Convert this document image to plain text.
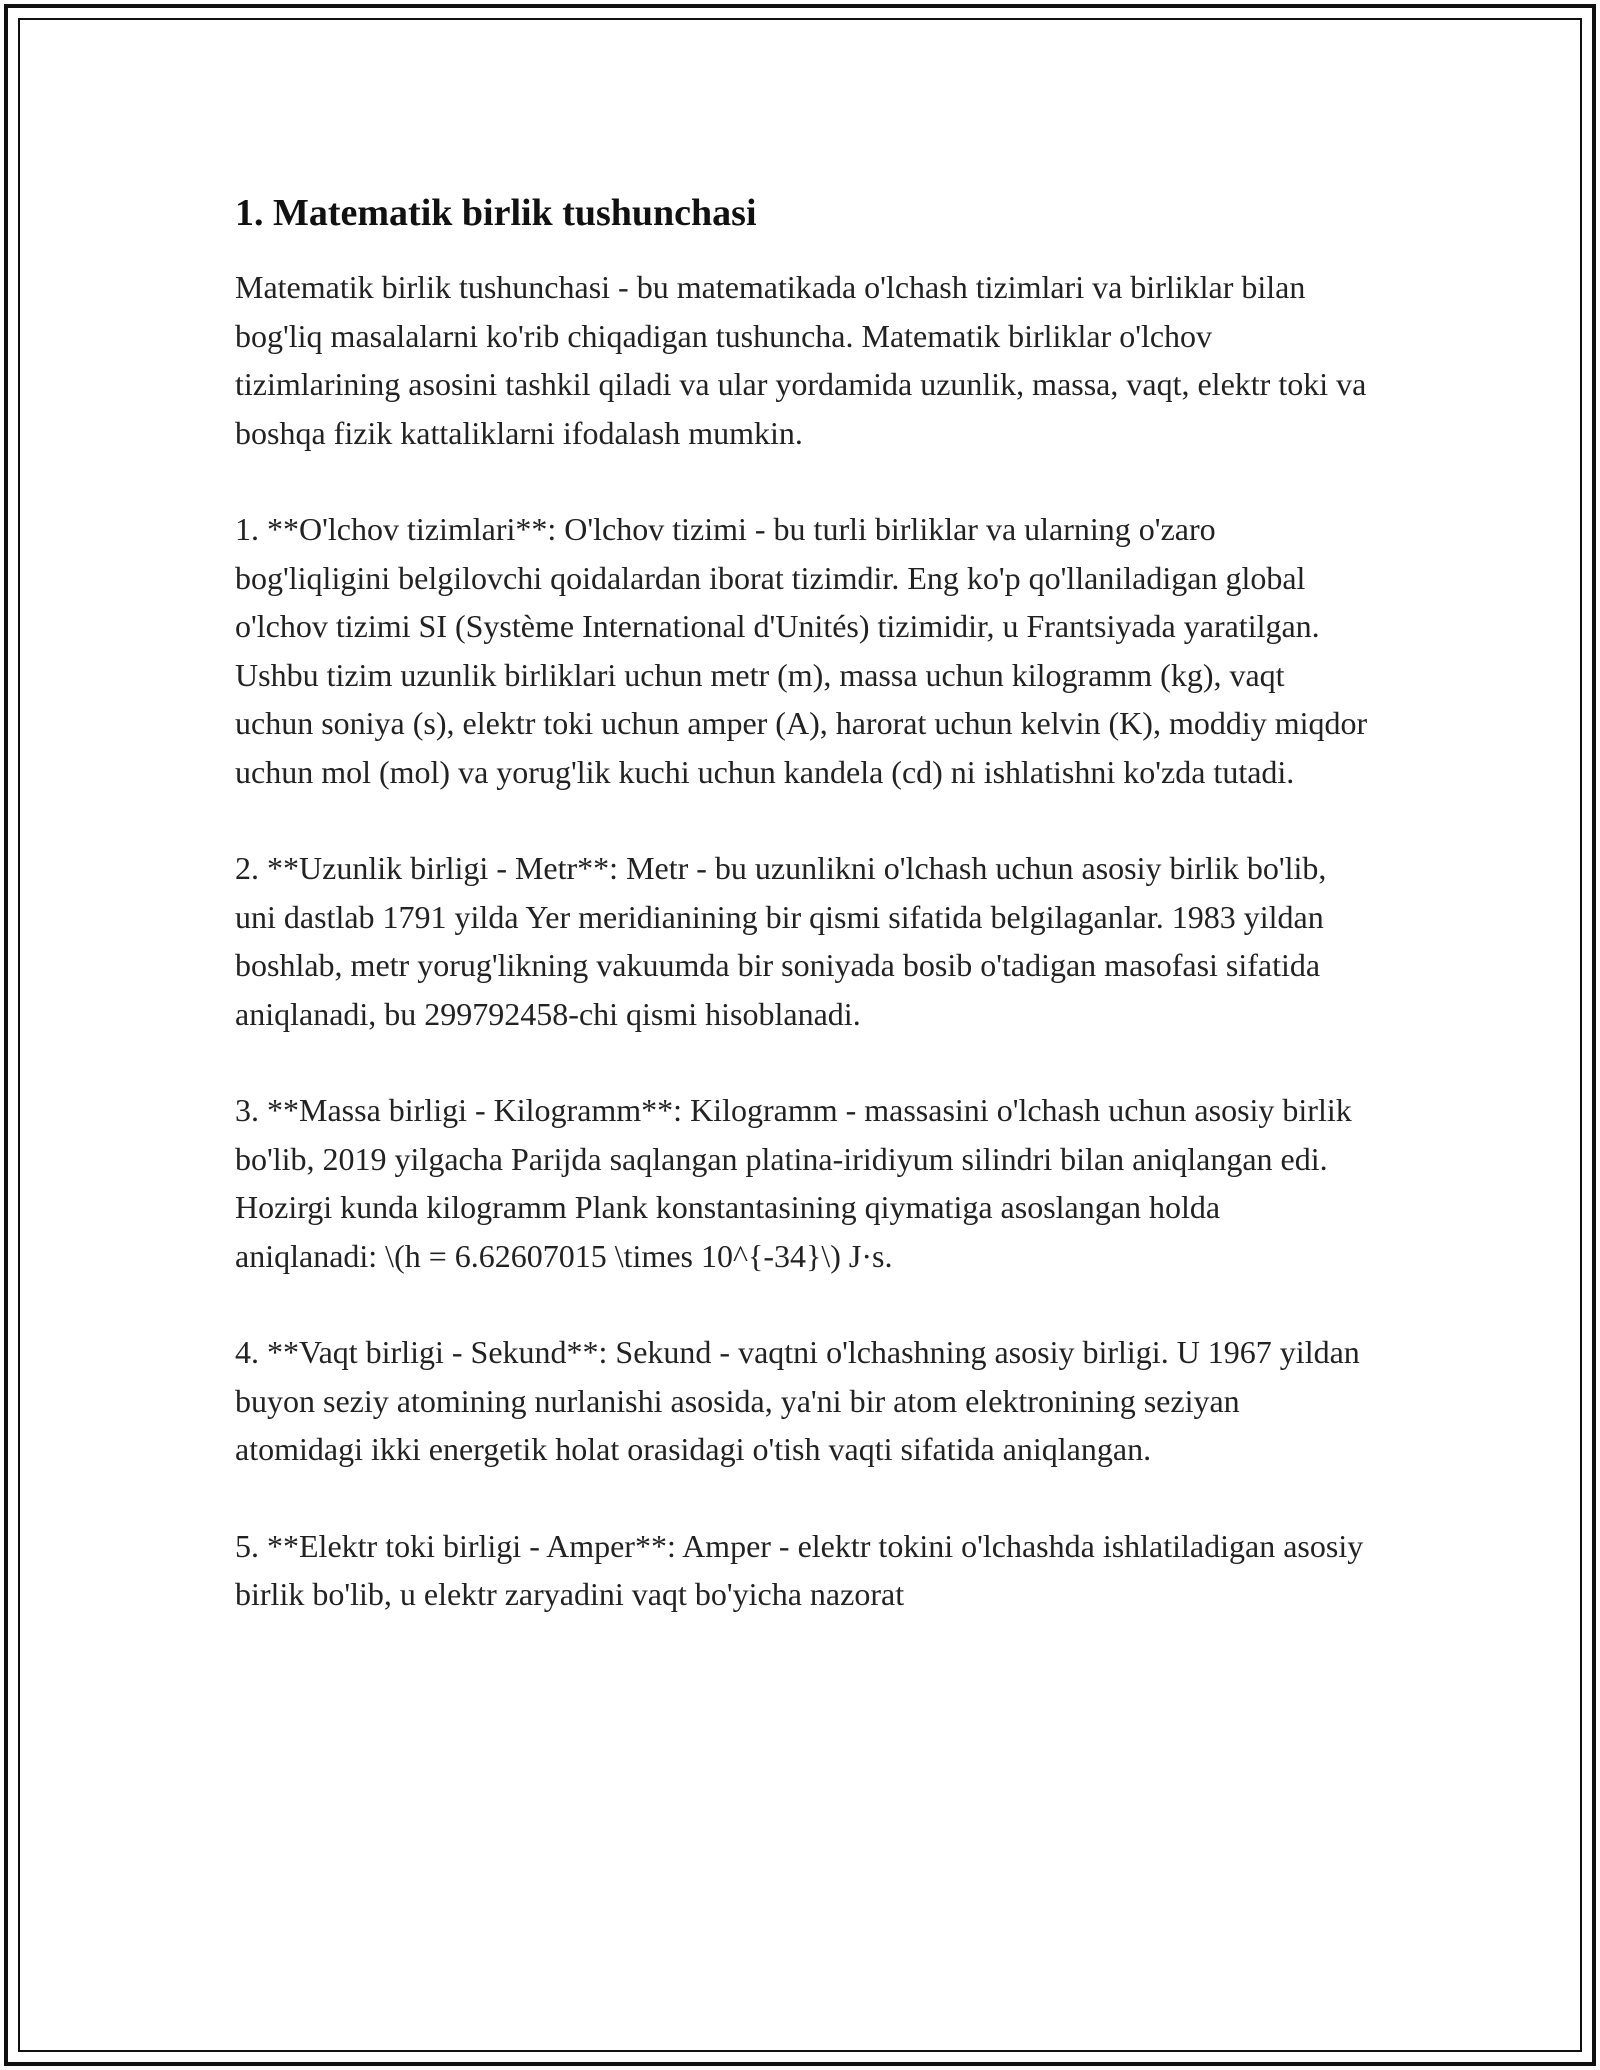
1. Matematik birlik tushunchasi

Matematik birlik tushunchasi - bu matematikada o'lchash tizimlari va birliklar bilan bog'liq masalalarni ko'rib chiqadigan tushuncha. Matematik birliklar o'lchov tizimlarining asosini tashkil qiladi va ular yordamida uzunlik, massa, vaqt, elektr toki va boshqa fizik kattaliklarni ifodalash mumkin.

1. **O'lchov tizimlari**: O'lchov tizimi - bu turli birliklar va ularning o'zaro bog'liqligini belgilovchi qoidalardan iborat tizimdir. Eng ko'p qo'llaniladigan global o'lchov tizimi SI (Système International d'Unités) tizimidir, u Frantsiyada yaratilgan. Ushbu tizim uzunlik birliklari uchun metr (m), massa uchun kilogramm (kg), vaqt uchun soniya (s), elektr toki uchun amper (A), harorat uchun kelvin (K), moddiy miqdor uchun mol (mol) va yorug'lik kuchi uchun kandela (cd) ni ishlatishni ko'zda tutadi.

2. **Uzunlik birligi - Metr**: Metr - bu uzunlikni o'lchash uchun asosiy birlik bo'lib, uni dastlab 1791 yilda Yer meridianining bir qismi sifatida belgilaganlar. 1983 yildan boshlab, metr yorug'likning vakuumda bir soniyada bosib o'tadigan masofasi sifatida aniqlanadi, bu 299792458-chi qismi hisoblanadi.

3. **Massa birligi - Kilogramm**: Kilogramm - massasini o'lchash uchun asosiy birlik bo'lib, 2019 yilgacha Parijda saqlangan platina-iridiyum silindri bilan aniqlangan edi. Hozirgi kunda kilogramm Plank konstantasining qiymatiga asoslangan holda aniqlanadi: \(h = 6.62607015 \times 10^{-34}\) J·s.

4. **Vaqt birligi - Sekund**: Sekund - vaqtni o'lchashning asosiy birligi. U 1967 yildan buyon seziy atomining nurlanishi asosida, ya'ni bir atom elektronining seziyan atomidagi ikki energetik holat orasidagi o'tish vaqti sifatida aniqlangan.

5. **Elektr toki birligi - Amper**: Amper - elektr tokini o'lchashda ishlatiladigan asosiy birlik bo'lib, u elektr zaryadini vaqt bo'yicha nazorat
